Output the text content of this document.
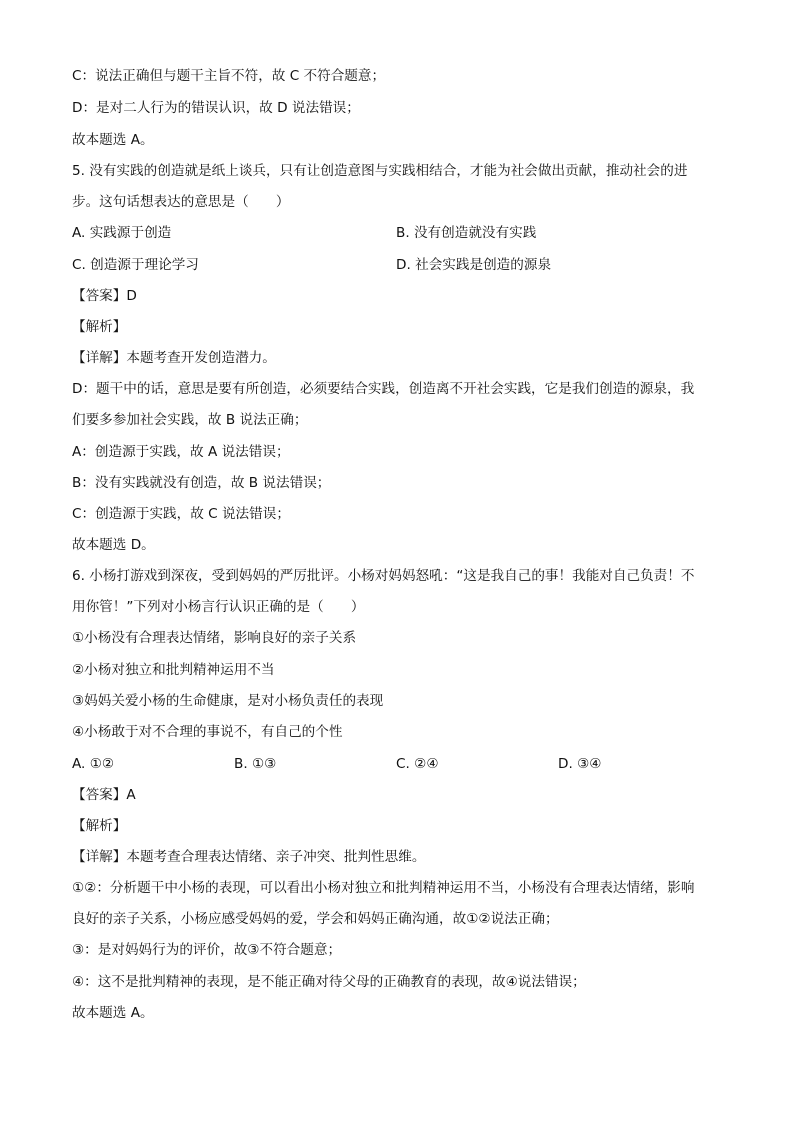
C：说法正确但与题干主旨不符，故 C 不符合题意；
D：是对二人行为的错误认识，故 D 说法错误；
故本题选 A。
5. 没有实践的创造就是纸上谈兵，只有让创造意图与实践相结合，才能为社会做出贡献，推动社会的进
步。这句话想表达的意思是（　　）
A. 实践源于创造	B. 没有创造就没有实践
C. 创造源于理论学习	D. 社会实践是创造的源泉
【答案】D
【解析】
【详解】本题考查开发创造潜力。
D：题干中的话，意思是要有所创造，必须要结合实践，创造离不开社会实践，它是我们创造的源泉，我
们要多参加社会实践，故 B 说法正确；
A：创造源于实践，故 A 说法错误；
B：没有实践就没有创造，故 B 说法错误；
C：创造源于实践，故 C 说法错误；
故本题选 D。
6. 小杨打游戏到深夜，受到妈妈的严厉批评。小杨对妈妈怒吼：“这是我自己的事！我能对自己负责！不
用你管！”下列对小杨言行认识正确的是（　　）
①小杨没有合理表达情绪，影响良好的亲子关系
②小杨对独立和批判精神运用不当
③妈妈关爱小杨的生命健康，是对小杨负责任的表现
④小杨敢于对不合理的事说不，有自己的个性
A. ①②	B. ①③	C. ②④	D. ③④
【答案】A
【解析】
【详解】本题考查合理表达情绪、亲子冲突、批判性思维。
①②：分析题干中小杨的表现，可以看出小杨对独立和批判精神运用不当，小杨没有合理表达情绪，影响
良好的亲子关系，小杨应感受妈妈的爱，学会和妈妈正确沟通，故①②说法正确；
③：是对妈妈行为的评价，故③不符合题意；
④：这不是批判精神的表现，是不能正确对待父母的正确教育的表现，故④说法错误；
故本题选 A。
